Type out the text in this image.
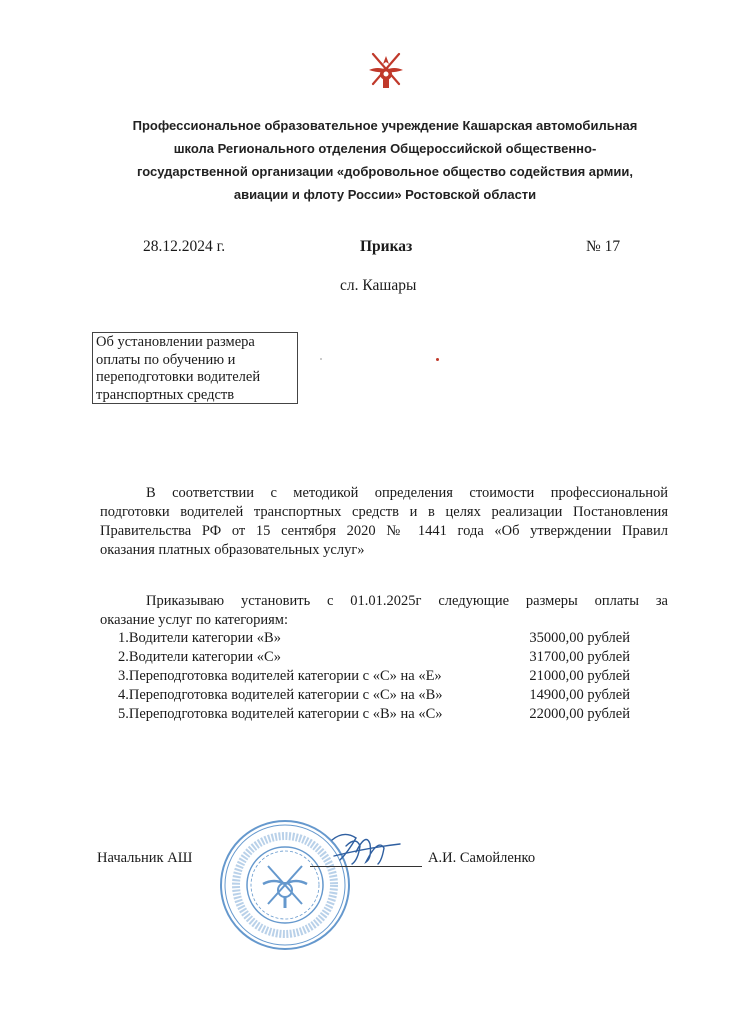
Профессиональное образовательное учреждение Кашарская автомобильная
школа Регионального отделения Общероссийской общественно-
государственной организации «добровольное общество содействия армии,
авиации и флоту России» Ростовской области
28.12.2024 г.	Приказ	№ 17
сл. Кашары
Об установлении размера
оплаты по обучению и
переподготовки водителей
транспортных средств
В соответствии с методикой определения стоимости профессиональной
подготовки водителей транспортных средств и в целях реализации Постановления
Правительства РФ от 15 сентября 2020 № 1441 года «Об утверждении Правил
оказания платных образовательных услуг»
Приказываю установить с 01.01.2025г следующие размеры оплаты за
оказание услуг по категориям:
1.Водители категории «В»	35000,00 рублей
2.Водители категории «С»	31700,00 рублей
3.Переподготовка водителей категории с «С» на «Е»	21000,00 рублей
4.Переподготовка водителей категории с «С» на «В»	14900,00 рублей
5.Переподготовка водителей категории с «В» на «С»	22000,00 рублей
Начальник АШ	А.И. Самойленко
